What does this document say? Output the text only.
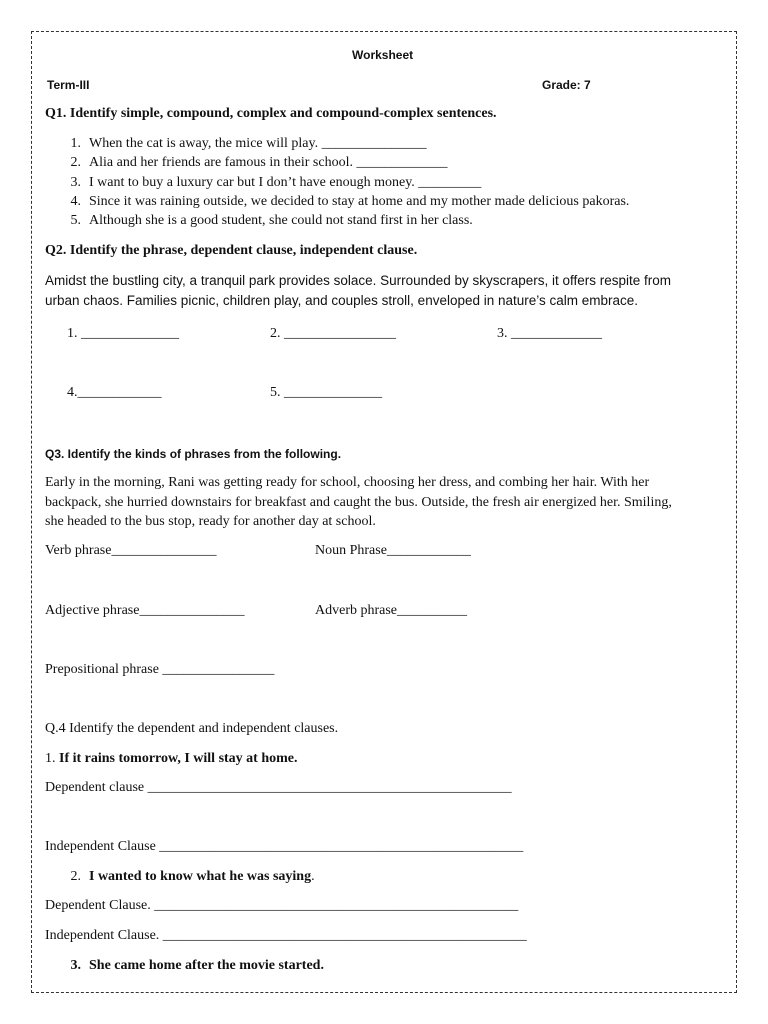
Worksheet
Term-III	Grade: 7
Q1. Identify simple, compound, complex and compound-complex sentences.
1. When the cat is away, the mice will play. _______________
2. Alia and her friends are famous in their school. _____________
3. I want to buy a luxury car but I don’t have enough money. _________
4. Since it was raining outside, we decided to stay at home and my mother made delicious pakoras.
5. Although she is a good student, she could not stand first in her class.
Q2. Identify the phrase, dependent clause, independent clause.
Amidst the bustling city, a tranquil park provides solace. Surrounded by skyscrapers, it offers respite from
urban chaos. Families picnic, children play, and couples stroll, enveloped in nature’s calm embrace.
1. ______________	2. ________________	3. _____________
4.____________	5. ______________
Q3. Identify the kinds of phrases from the following.
Early in the morning, Rani was getting ready for school, choosing her dress, and combing her hair. With her
backpack, she hurried downstairs for breakfast and caught the bus. Outside, the fresh air energized her. Smiling,
she headed to the bus stop, ready for another day at school.
Verb phrase_______________	Noun Phrase____________
Adjective phrase_______________	Adverb phrase__________
Prepositional phrase ________________
Q.4 Identify the dependent and independent clauses.
1. If it rains tomorrow, I will stay at home.
Dependent clause ____________________________________________________
Independent Clause ____________________________________________________
2. I wanted to know what he was saying.
Dependent Clause. ____________________________________________________
Independent Clause. ____________________________________________________
3. She came home after the movie started.
